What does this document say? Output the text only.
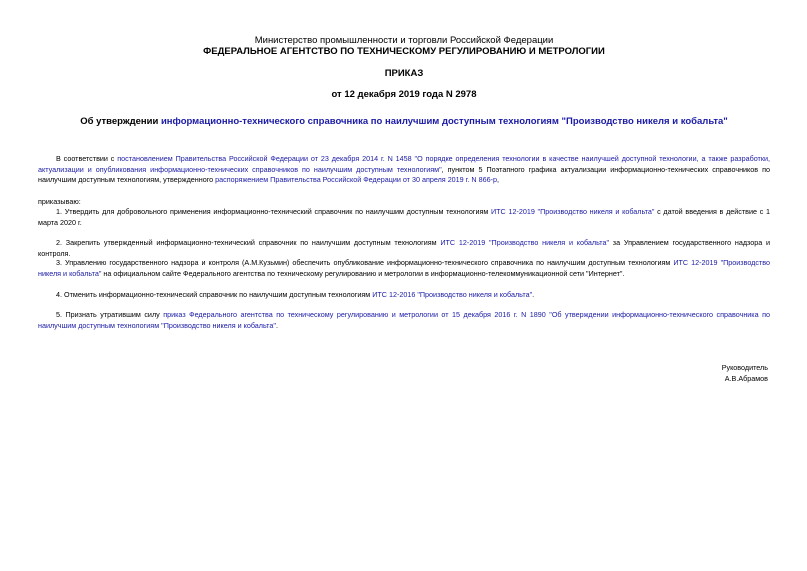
Министерство промышленности и торговли Российской Федерации
ФЕДЕРАЛЬНОЕ АГЕНТСТВО ПО ТЕХНИЧЕСКОМУ РЕГУЛИРОВАНИЮ И МЕТРОЛОГИИ
ПРИКАЗ
от 12 декабря 2019 года N 2978
Об утверждении информационно-технического справочника по наилучшим доступным технологиям "Производство никеля и кобальта"
В соответствии с постановлением Правительства Российской Федерации от 23 декабря 2014 г. N 1458 "О порядке определения технологии в качестве наилучшей доступной технологии, а также разработки, актуализации и опубликования информационно-технических справочников по наилучшим доступным технологиям", пунктом 5 Поэтапного графика актуализации информационно-технических справочников по наилучшим доступным технологиям, утвержденного распоряжением Правительства Российской Федерации от 30 апреля 2019 г. N 866-р,
приказываю:
1. Утвердить для добровольного применения информационно-технический справочник по наилучшим доступным технологиям ИТС 12-2019 "Производство никеля и кобальта" с датой введения в действие с 1 марта 2020 г.
2. Закрепить утвержденный информационно-технический справочник по наилучшим доступным технологиям ИТС 12-2019 "Производство никеля и кобальта" за Управлением государственного надзора и контроля.
3. Управлению государственного надзора и контроля (А.М.Кузьмин) обеспечить опубликование информационно-технического справочника по наилучшим доступным технологиям ИТС 12-2019 "Производство никеля и кобальта" на официальном сайте Федерального агентства по техническому регулированию и метрологии в информационно-телекоммуникационной сети "Интернет".
4. Отменить информационно-технический справочник по наилучшим доступным технологиям ИТС 12-2016 "Производство никеля и кобальта".
5. Признать утратившим силу приказ Федерального агентства по техническому регулированию и метрологии от 15 декабря 2016 г. N 1890 "Об утверждении информационно-технического справочника по наилучшим доступным технологиям "Производство никеля и кобальта".
Руководитель
А.В.Абрамов
